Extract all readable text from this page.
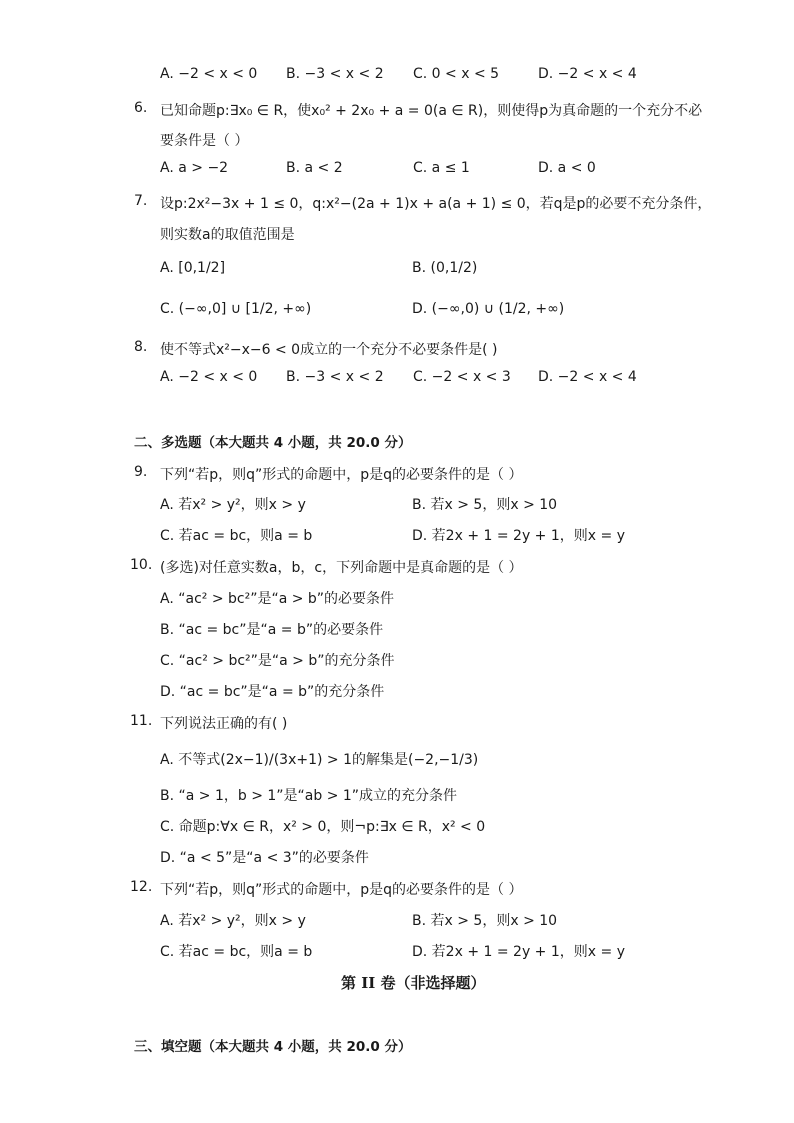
A. −2 < x < 0 B. −3 < x < 2 C. 0 < x < 5	D. −2 < x < 4
6. 已知命题p:∃x₀ ∈ R，使x₀² + 2x₀ + a = 0(a ∈ R)，则使得p为真命题的一个充分不必
要条件是（ ）
A. a > −2	B. a < 2	C. a ≤ 1	D. a < 0
7. 设p:2x²−3x + 1 ≤ 0，q:x²−(2a + 1)x + a(a + 1) ≤ 0，若q是p的必要不充分条件，
则实数a的取值范围是
A. [0,1/2]	B. (0,1/2)
C. (−∞,0] ∪ [1/2, +∞)	D. (−∞,0) ∪ (1/2, +∞)
8. 使不等式x²−x−6 < 0成立的一个充分不必要条件是( )
A. −2 < x < 0 B. −3 < x < 2 C. −2 < x < 3 D. −2 < x < 4
二、多选题（本大题共 4 小题，共 20.0 分）
9. 下列“若p，则q”形式的命题中，p是q的必要条件的是（ ）
A. 若x² > y²，则x > y	B. 若x > 5，则x > 10
C. 若ac = bc，则a = b	D. 若2x + 1 = 2y + 1，则x = y
10. (多选)对任意实数a，b，c，下列命题中是真命题的是（ ）
A. “ac² > bc²”是“a > b”的必要条件
B. “ac = bc”是“a = b”的必要条件
C. “ac² > bc²”是“a > b”的充分条件
D. “ac = bc”是“a = b”的充分条件
11. 下列说法正确的有( )
A. 不等式(2x−1)/(3x+1) > 1的解集是(−2,−1/3)
B. “a > 1，b > 1”是“ab > 1”成立的充分条件
C. 命题p:∀x ∈ R，x² > 0，则¬p:∃x ∈ R，x² < 0
D. “a < 5”是“a < 3”的必要条件
12. 下列“若p，则q”形式的命题中，p是q的必要条件的是（ ）
A. 若x² > y²，则x > y	B. 若x > 5，则x > 10
C. 若ac = bc，则a = b	D. 若2x + 1 = 2y + 1，则x = y
第 II 卷（非选择题）
三、填空题（本大题共 4 小题，共 20.0 分）
